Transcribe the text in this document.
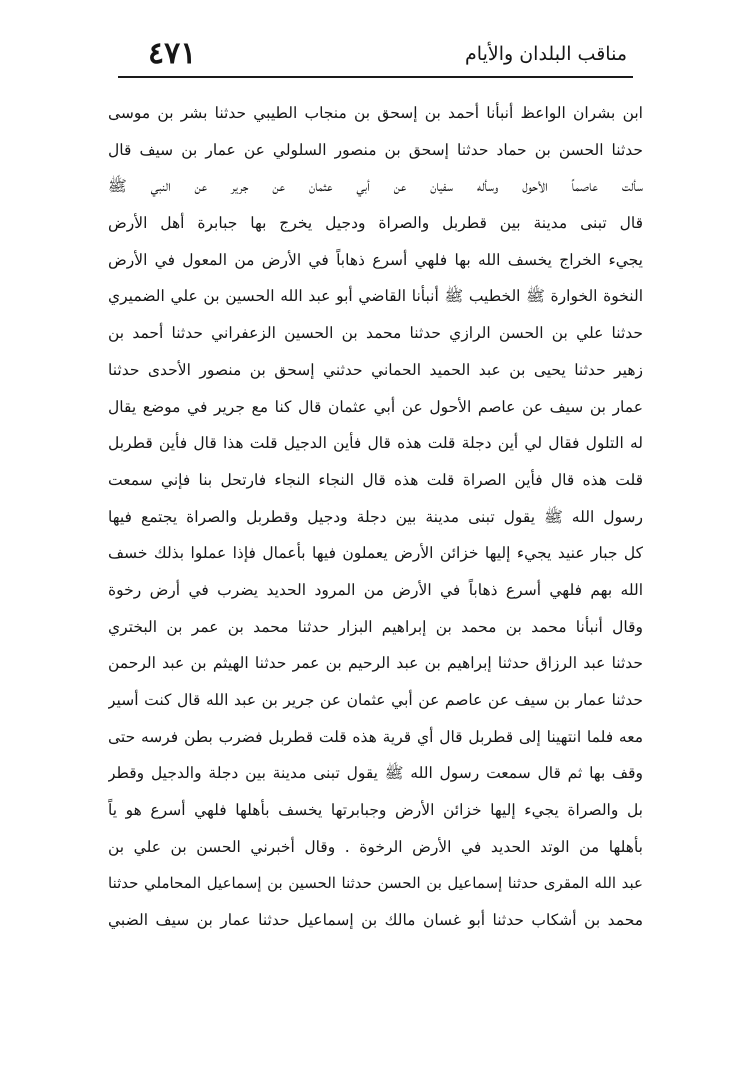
٤٧١	مناقب البلدان والأيام
ابن بشران الواعظ أنبأنا أحمد بن إسحق بن منجاب الطيبي حدثنا بشر بن موسى
حدثنا الحسن بن حماد حدثنا إسحق بن منصور السلولي عن عمار بن سيف قال
سألت عاصماً الأحول وسأله سفيان عن أبي عثمان عن جرير عن النبي ﷺ
قال تبنى مدينة بين قطربل والصراة ودجيل يخرج بها جبابرة أهل الأرض
يجيء الخراج يخسف الله بها فلهي أسرع ذهاباً في الأرض من المعول في الأرض
النخوة الخوارة ﷺ الخطيب ﷺ أنبأنا القاضي أبو عبد الله الحسين بن علي الضميري
حدثنا علي بن الحسن الرازي حدثنا محمد بن الحسين الزعفراني حدثنا أحمد بن
زهير حدثنا يحيى بن عبد الحميد الحماني حدثني إسحق بن منصور الأحدى حدثنا
عمار بن سيف عن عاصم الأحول عن أبي عثمان قال كنا مع جرير في موضع يقال
له التلول فقال لي أين دجلة قلت هذه قال فأين الدجيل قلت هذا قال فأين قطربل
قلت هذه قال فأين الصراة قلت هذه قال النجاء النجاء فارتحل بنا فإني سمعت
رسول الله ﷺ يقول تبنى مدينة بين دجلة ودجيل وقطربل والصراة يجتمع فيها
كل جبار عنيد يجيء إليها خزائن الأرض يعملون فيها بأعمال فإذا عملوا بذلك خسف
الله بهم فلهي أسرع ذهاباً في الأرض من المرود الحديد يضرب في أرض رخوة
وقال أنبأنا محمد بن محمد بن إبراهيم البزار حدثنا محمد بن عمر بن البختري
حدثنا عبد الرزاق حدثنا إبراهيم بن عبد الرحيم بن عمر حدثنا الهيثم بن عبد الرحمن
حدثنا عمار بن سيف عن عاصم عن أبي عثمان عن جرير بن عبد الله قال كنت أسير
معه فلما انتهينا إلى قطربل قال أي قرية هذه قلت قطربل فضرب بطن فرسه حتى
وقف بها ثم قال سمعت رسول الله ﷺ يقول تبنى مدينة بين دجلة والدجيل وقطر
بل والصراة يجيء إليها خزائن الأرض وجبابرتها يخسف بأهلها فلهي أسرع هو ياً
بأهلها من الوتد الحديد في الأرض الرخوة . وقال أخبرني الحسن بن علي بن
عبد الله المقرى حدثنا إسماعيل بن الحسن حدثنا الحسين بن إسماعيل المحاملي حدثنا
محمد بن أشكاب حدثنا أبو غسان مالك بن إسماعيل حدثنا عمار بن سيف الضبي
